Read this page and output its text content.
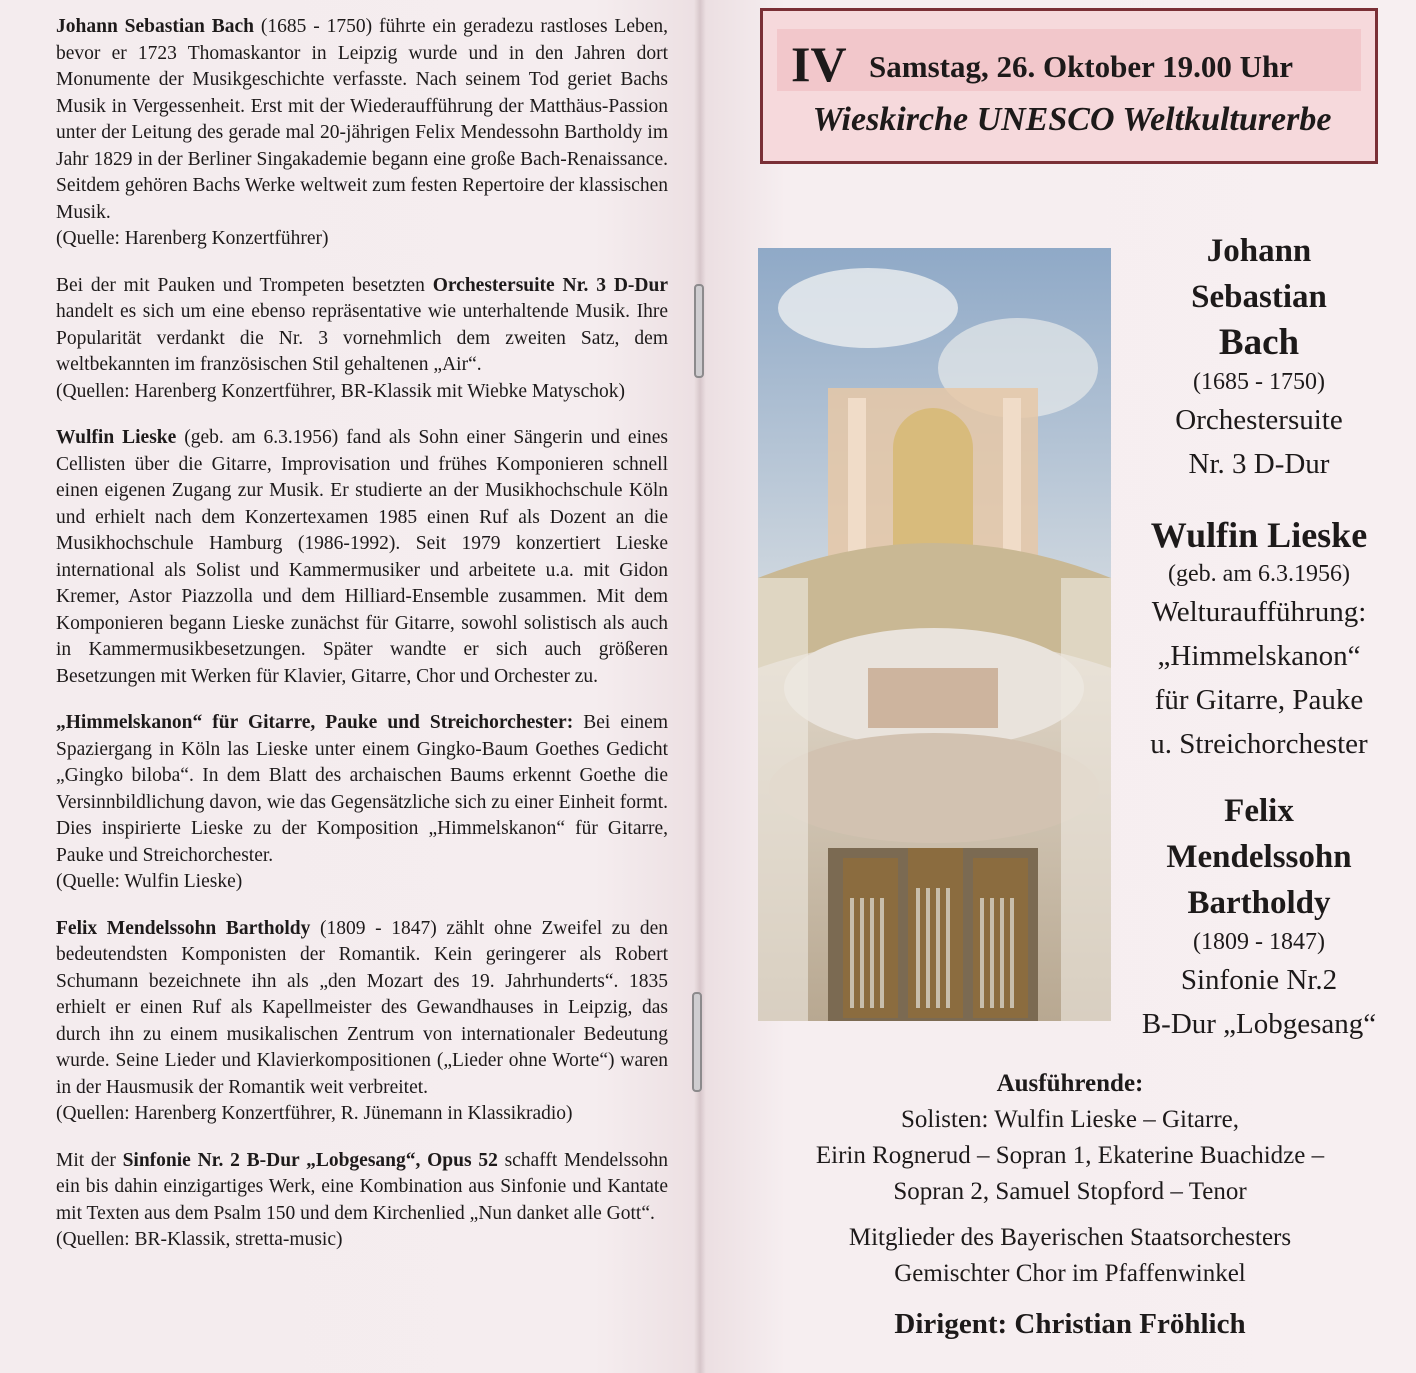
Johann Sebastian Bach (1685 - 1750) führte ein geradezu rastloses Leben, bevor er 1723 Thomaskantor in Leipzig wurde und in den Jahren dort Monumente der Musikgeschichte verfasste. Nach seinem Tod geriet Bachs Musik in Vergessenheit. Erst mit der Wiederaufführung der Matthäus-Passion unter der Leitung des gerade mal 20-jährigen Felix Mendessohn Bartholdy im Jahr 1829 in der Berliner Singakademie begann eine große Bach-Renaissance. Seitdem gehören Bachs Werke weltweit zum festen Repertoire der klassischen Musik.
(Quelle: Harenberg Konzertführer)

Bei der mit Pauken und Trompeten besetzten Orchestersuite Nr. 3 D-Dur handelt es sich um eine ebenso repräsentative wie unterhaltende Musik. Ihre Popularität verdankt die Nr. 3 vornehmlich dem zweiten Satz, dem weltbekannten im französischen Stil gehaltenen „Air“.
(Quellen: Harenberg Konzertführer, BR-Klassik mit Wiebke Matyschok)

Wulfin Lieske (geb. am 6.3.1956) fand als Sohn einer Sängerin und eines Cellisten über die Gitarre, Improvisation und frühes Komponieren schnell einen eigenen Zugang zur Musik. Er studierte an der Musikhochschule Köln und erhielt nach dem Konzertexamen 1985 einen Ruf als Dozent an die Musikhochschule Hamburg (1986-1992). Seit 1979 konzertiert Lieske international als Solist und Kammermusiker und arbeitete u.a. mit Gidon Kremer, Astor Piazzolla und dem Hilliard-Ensemble zusammen. Mit dem Komponieren begann Lieske zunächst für Gitarre, sowohl solistisch als auch in Kammermusikbesetzungen. Später wandte er sich auch größeren Besetzungen mit Werken für Klavier, Gitarre, Chor und Orchester zu.

„Himmelskanon“ für Gitarre, Pauke und Streichorchester: Bei einem Spaziergang in Köln las Lieske unter einem Gingko-Baum Goethes Gedicht „Gingko biloba“. In dem Blatt des archaischen Baums erkennt Goethe die Versinnbildlichung davon, wie das Gegensätzliche sich zu einer Einheit formt. Dies inspirierte Lieske zu der Komposition „Himmelskanon“ für Gitarre, Pauke und Streichorchester.
(Quelle: Wulfin Lieske)

Felix Mendelssohn Bartholdy (1809 - 1847) zählt ohne Zweifel zu den bedeutendsten Komponisten der Romantik. Kein geringerer als Robert Schumann bezeichnete ihn als „den Mozart des 19. Jahrhunderts“. 1835 erhielt er einen Ruf als Kapellmeister des Gewandhauses in Leipzig, das durch ihn zu einem musikalischen Zentrum von internationaler Bedeutung wurde. Seine Lieder und Klavierkompositionen („Lieder ohne Worte“) waren in der Hausmusik der Romantik weit verbreitet.
(Quellen: Harenberg Konzertführer, R. Jünemann in Klassikradio)

Mit der Sinfonie Nr. 2 B-Dur „Lobgesang“, Opus 52 schafft Mendelssohn ein bis dahin einzigartiges Werk, eine Kombination aus Sinfonie und Kantate mit Texten aus dem Psalm 150 und dem Kirchenlied „Nun danket alle Gott“.
(Quellen: BR-Klassik, stretta-music)

IV Samstag, 26. Oktober 19.00 Uhr
Wieskirche UNESCO Weltkulturerbe
Johann
Sebastian
Bach
(1685 - 1750)
Orchestersuite
Nr. 3 D-Dur
Wulfin Lieske
(geb. am 6.3.1956)
Welturaufführung:
„Himmelskanon“
für Gitarre, Pauke
u. Streichorchester
Felix
Mendelssohn
Bartholdy
(1809 - 1847)
Sinfonie Nr.2
B-Dur „Lobgesang“
Ausführende:
Solisten: Wulfin Lieske – Gitarre,
Eirin Rognerud – Sopran 1, Ekaterine Buachidze –
Sopran 2, Samuel Stopford – Tenor
Mitglieder des Bayerischen Staatsorchesters
Gemischter Chor im Pfaffenwinkel
Dirigent: Christian Fröhlich
